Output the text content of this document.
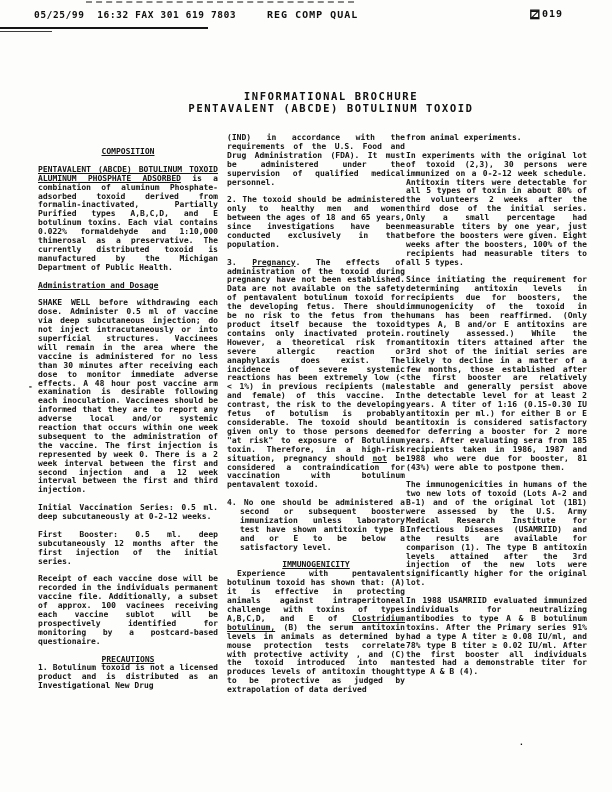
05/25/99  16:32 FAX 301 619 7803	REG COMP QUAL	019
INFORMATIONAL BROCHURE
PENTAVALENT (ABCDE) BOTULINUM TOXOID
-
.
COMPOSITION
PENTAVALENT (ABCDE) BOTULINUM TOXOID ALUMINUM PHOSPHATE ADSORBED is a combination of aluminum Phosphate-adsorbed toxoid derived from formalin-inactivated, Partially Purified types A,B,C,D, and E botulinum toxins. Each vial contains 0.022% formaldehyde and 1:10,000 thimerosal as a preservative. The currently distributed toxoid is manufactured by the Michigan Department of Public Health.
Administration and Dosage
SHAKE WELL before withdrawing each dose. Administer 0.5 ml of vaccine via deep subcutaneous injection; do not inject intracutaneously or into superficial structures. Vaccinees will remain in the area where the vaccine is administered for no less than 30 minutes after receiving each dose to monitor immediate adverse effects. A 48 hour post vaccine arm examination is desirable following each inoculation. Vaccinees should be informed that they are to report any adverse local and/or systemic reaction that occurs within one week subsequent to the administration of the vaccine. The first injection is represented by week 0. There is a 2 week interval between the first and second injection and a 12 week interval between the first and third injection.
Initial Vaccination Series: 0.5 ml. deep subcutaneously at 0-2-12 weeks.
First Booster: 0.5 ml. deep subcutaneously 12 months after the first injection of the initial series.
Receipt of each vaccine dose will be recorded in the individuals permanent vaccine file. Additionally, a subset of approx. 100 vacinees receiving each vaccine sublot will be prospectively identified for monitoring by a postcard-based questionaire.
PRECAUTIONS
1. Botulinum toxoid is not a licensed product and is distributed as an Investigational New Drug
(IND) in accordance with the requirements of the U.S. Food and Drug Administration (FDA). It must be administered under the supervision of qualified medical personnel.
2. The toxoid should be administered only to healthy men and women between the ages of 18 and 65 years, since investigations have been conducted exclusively in that population.
3. Pregnancy. The effects of administration of the toxoid during pregnancy have not been established. Data are not available on the safety of pentavalent botulinum toxoid for the developing fetus. There should be no risk to the fetus from the product itself because the toxoid contains only inactivated protein. However, a theoretical risk from severe allergic reaction or anaphylaxis does exist. The incidence of severe systemic reactions has been extremely low (< < 1%) in previous recipients (male and female) of this vaccine. In contrast, the risk to the developing fetus of botulism is probably considerable. The toxoid should be given only to those persons deemed "at risk" to exposure of Botulinum toxin. Therefore, in a high-risk situation, pregnancy should not be considered a contraindication for vaccination with botulinum pentavalent toxoid.
4. No one should be administered a second or subsequent booster immunization unless laboratory test have shown antitoxin type B and or E to be below a satisfactory level.
IMMUNOGENICITY
Experience with pentavalent botulinum toxoid has shown that: (A) it is effective in protecting animals against intraperitoneal challenge with toxins of types A,B,C,D, and E of Clostridium botulinum, (B) the serum antitoxin levels in animals as determined by mouse protection tests correlate with protective activity , and (C) the toxoid introduced into man produces levels of antitoxin thought to be protective as judged by extrapolation of data derived
from animal experiments.
In experiments with the original lot of toxoid (2,3), 30 persons were immunized on a 0-2-12 week schedule. Antitoxin titers were detectable for all 5 types of toxin in about 80% of the volunteers 2 weeks after the third dose of the initial series. Only a small percentage had measurable titers by one year, just before the boosters were given. Eight weeks after the boosters, 100% of the recipients had measurable titers to all 5 types.
Since initiating the requirement for determining antitoxin levels in recipients due for boosters, the immunogenicity of the toxoid in humans has been reaffirmed. (Only types A, B and/or E antitoxins are routinely assessed.) While the antitoxin titers attained after the 3rd shot of the initial series are likely to decline in a matter of a few months, those established after the first booster are relatively stable and generally persist above the detectable level for at least 2 years. A titer of 1:16 (0.15-0.30 IU antitoxin per ml.) for either B or E antitoxin is considered satisfactory for deferring a booster for 2 more years. After evaluating sera from 185 recipients taken in 1986, 1987 and 1988 who were due for booster, 81 (43%) were able to postpone them.
The immunogenicities in humans of the two new lots of toxoid (Lots A-2 and B-1) and of the original lot (1B1) were assessed by the U.S. Army Medical Research Institute for Infectious Diseases (USAMRIID) and the results are available for comparison (1). The type B antitoxin levels attained after the 3rd injection of the new lots were significantly higher for the original lot.
In 1988 USAMRIID evaluated immunized individuals for neutralizing antibodies to type A & B botulinum toxins. After the Primary series 91% had a type A titer ≥ 0.08 IU/ml, and 78% type B titer ≥ 0.02 IU/ml. After the first booster all individuals tested had a demonstrable titer for type A & B (4).
